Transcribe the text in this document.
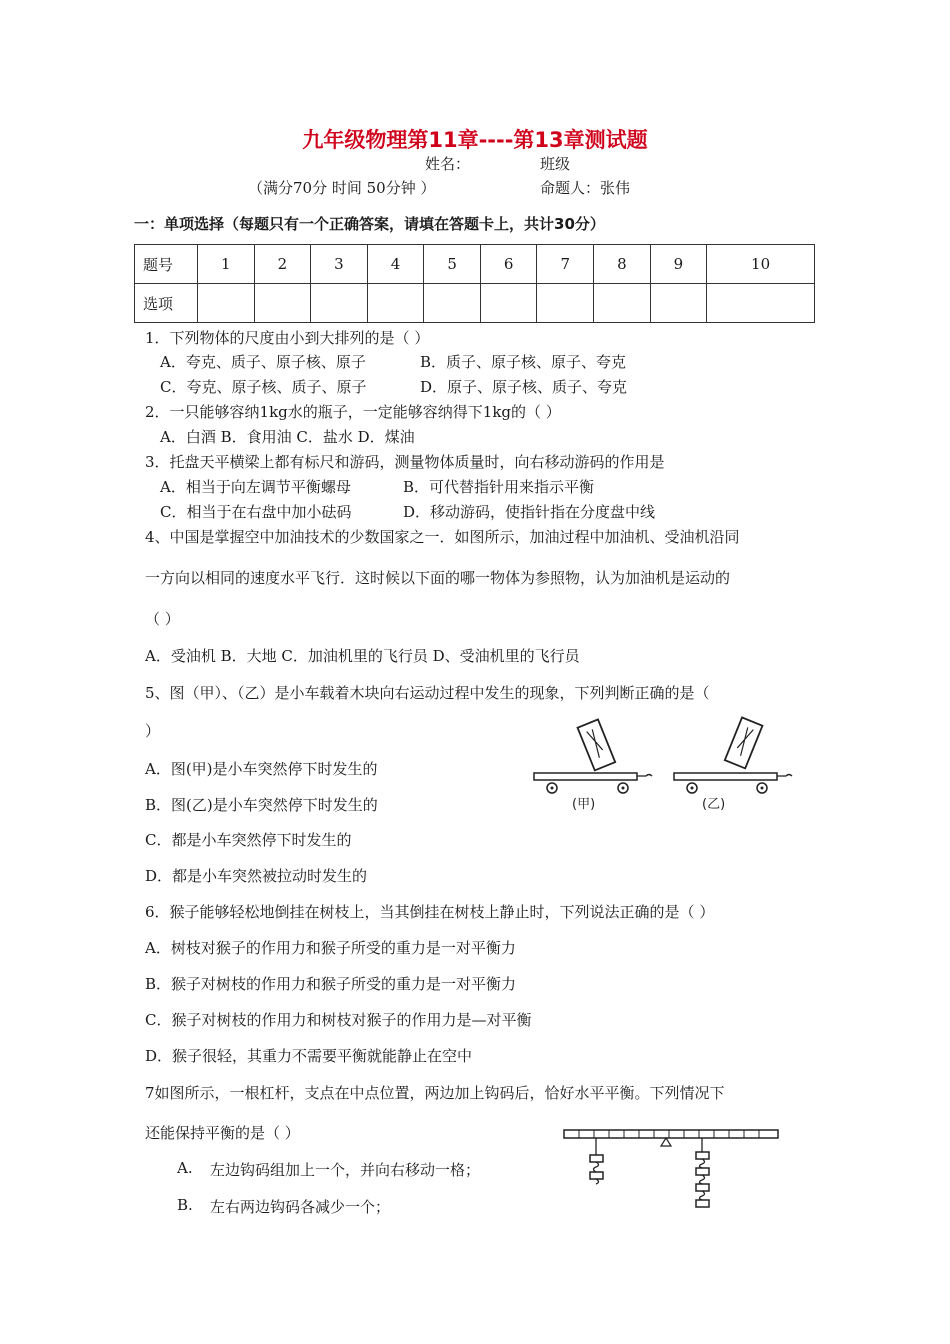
九年级物理第11章----第13章测试题
姓名：	班级
（满分70分 时间 50分钟 ）	命题人：张伟
一：单项选择（每题只有一个正确答案，请填在答题卡上，共计30分）
题号	1	2	3	4	5	6	7	8	9	10
选项										
1．下列物体的尺度由小到大排列的是（ ）
A．夸克、质子、原子核、原子	B．质子、原子核、原子、夸克
C．夸克、原子核、质子、原子	D．原子、原子核、质子、夸克
2．一只能够容纳1kg水的瓶子，一定能够容纳得下1kg的（ ）
A．白酒 B．食用油 C．盐水 D．煤油
3．托盘天平横梁上都有标尺和游码，测量物体质量时，向右移动游码的作用是
A．相当于向左调节平衡螺母	B．可代替指针用来指示平衡
C．相当于在右盘中加小砝码	D．移动游码，使指针指在分度盘中线
4、中国是掌握空中加油技术的少数国家之一．如图所示，加油过程中加油机、受油机沿同
一方向以相同的速度水平飞行．这时候以下面的哪一物体为参照物，认为加油机是运动的
（ ）
A．受油机 B．大地 C．加油机里的飞行员 D、受油机里的飞行员
5、图（甲）、（乙）是小车载着木块向右运动过程中发生的现象，下列判断正确的是（
）
A．图(甲)是小车突然停下时发生的
B．图(乙)是小车突然停下时发生的
C．都是小车突然停下时发生的
D．都是小车突然被拉动时发生的
(甲)	(乙)
6．猴子能够轻松地倒挂在树枝上，当其倒挂在树枝上静止时，下列说法正确的是（ ）
A．树枝对猴子的作用力和猴子所受的重力是一对平衡力
B．猴子对树枝的作用力和猴子所受的重力是一对平衡力
C．猴子对树枝的作用力和树枝对猴子的作用力是—对平衡
D．猴子很轻，其重力不需要平衡就能静止在空中
7如图所示，一根杠杆，支点在中点位置，两边加上钩码后，恰好水平平衡。下列情况下
还能保持平衡的是（ ）
A. 左边钩码组加上一个，并向右移动一格；
B. 左右两边钩码各减少一个；
